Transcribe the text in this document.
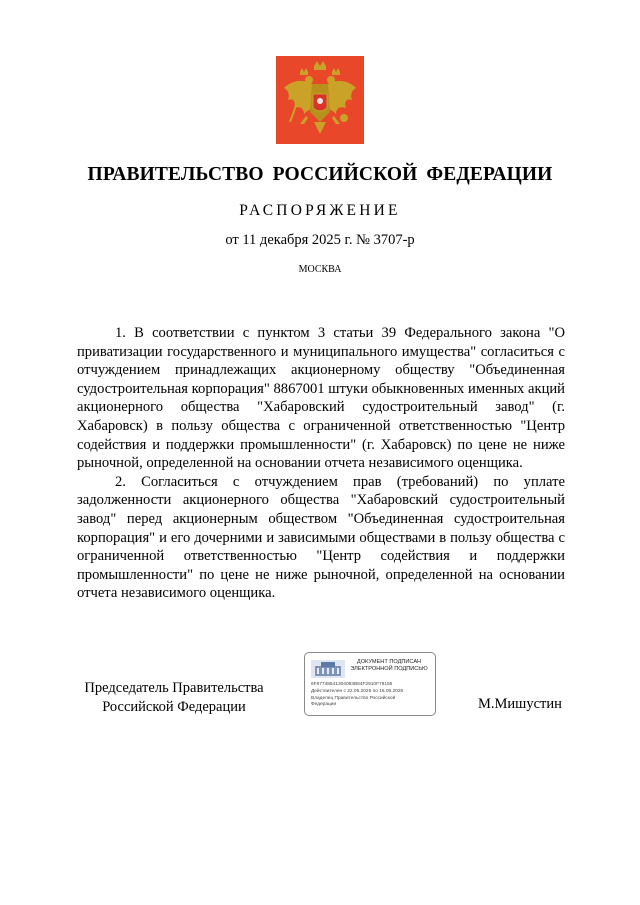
ПРАВИТЕЛЬСТВО РОССИЙСКОЙ ФЕДЕРАЦИИ
РАСПОРЯЖЕНИЕ
от 11 декабря 2025 г. № 3707-р
МОСКВА

1. В соответствии с пунктом 3 статьи 39 Федерального закона "О приватизации государственного и муниципального имущества" согласиться с отчуждением принадлежащих акционерному обществу "Объединенная судостроительная корпорация" 8867001 штуки обыкновенных именных акций акционерного общества "Хабаровский судостроительный завод" (г. Хабаровск) в пользу общества с ограниченной ответственностью "Центр содействия и поддержки промышленности" (г. Хабаровск) по цене не ниже рыночной, определенной на основании отчета независимого оценщика.

2. Согласиться с отчуждением прав (требований) по уплате задолженности акционерного общества "Хабаровский судостроительный завод" перед акционерным обществом "Объединенная судостроительная корпорация" и его дочерними и зависимыми обществами в пользу общества с ограниченной ответственностью "Центр содействия и поддержки промышленности" по цене не ниже рыночной, определенной на основании отчета независимого оценщика.

Председатель Правительства
Российской Федерации
ДОКУМЕНТ ПОДПИСАН
ЭЛЕКТРОННОЙ ПОДПИСЬЮ
6F67748541304083B84F2910F79155
Действителен с 22.05.2025 по 15.08.2026
Владелец Правительство Российской
Федерации	М.Мишустин
